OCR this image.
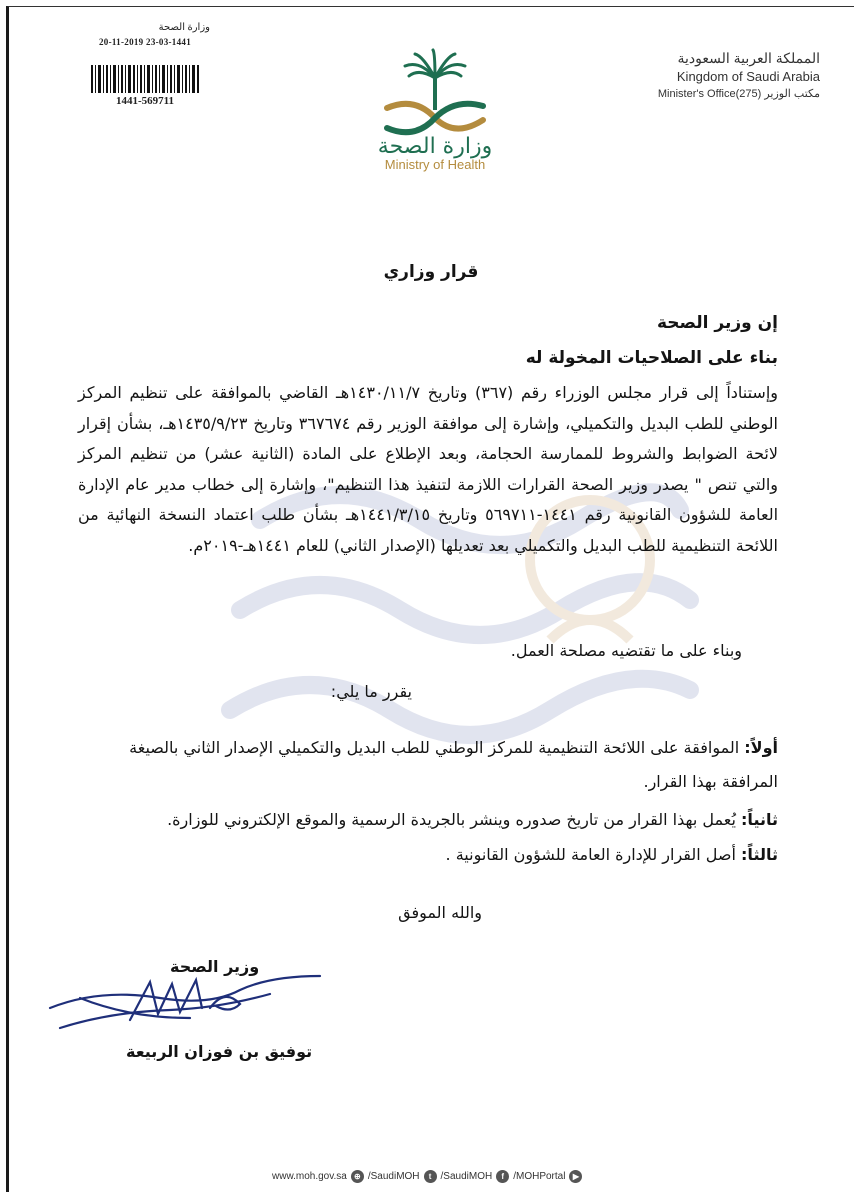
وزارة الصحة
20-11-2019 23-03-1441
1441-569711
وزارة الصحة
Ministry of Health
المملكة العربية السعودية
Kingdom of Saudi Arabia
Minister's Office(275) مكتب الوزير
قرار وزاري
إن وزير الصحة
بناء على الصلاحيات المخولة له
وإستناداً إلى قرار مجلس الوزراء رقم (٣٦٧) وتاريخ ١٤٣٠/١١/٧هـ القاضي بالموافقة على تنظيم المركز الوطني للطب البديل والتكميلي، وإشارة إلى موافقة الوزير رقم ٣٦٧٦٧٤ وتاريخ ١٤٣٥/٩/٢٣هـ، بشأن إقرار لائحة الضوابط والشروط للممارسة الحجامة، وبعد الإطلاع على المادة (الثانية عشر) من تنظيم المركز والتي تنص " يصدر وزير الصحة القرارات اللازمة لتنفيذ هذا التنظيم"، وإشارة إلى خطاب مدير عام الإدارة العامة للشؤون القانونية رقم ١٤٤١-٥٦٩٧١١ وتاريخ ١٤٤١/٣/١٥هـ بشأن طلب اعتماد النسخة النهائية من اللائحة التنظيمية للطب البديل والتكميلي بعد تعديلها (الإصدار الثاني) للعام ١٤٤١هـ-٢٠١٩م.
وبناء على ما تقتضيه مصلحة العمل.
يقرر ما يلي:
أولاً: الموافقة على اللائحة التنظيمية للمركز الوطني للطب البديل والتكميلي الإصدار الثاني بالصيغة المرافقة بهذا القرار.
ثانياً: يُعمل بهذا القرار من تاريخ صدوره وينشر بالجريدة الرسمية والموقع الإلكتروني للوزارة.
ثالثاً: أصل القرار للإدارة العامة للشؤون القانونية .
والله الموفق
وزير الصحة
توفيق بن فوزان الربيعة
www.moh.gov.sa ⊕ /SaudiMOH	t /SaudiMOH	f /MOHPortal ▶
